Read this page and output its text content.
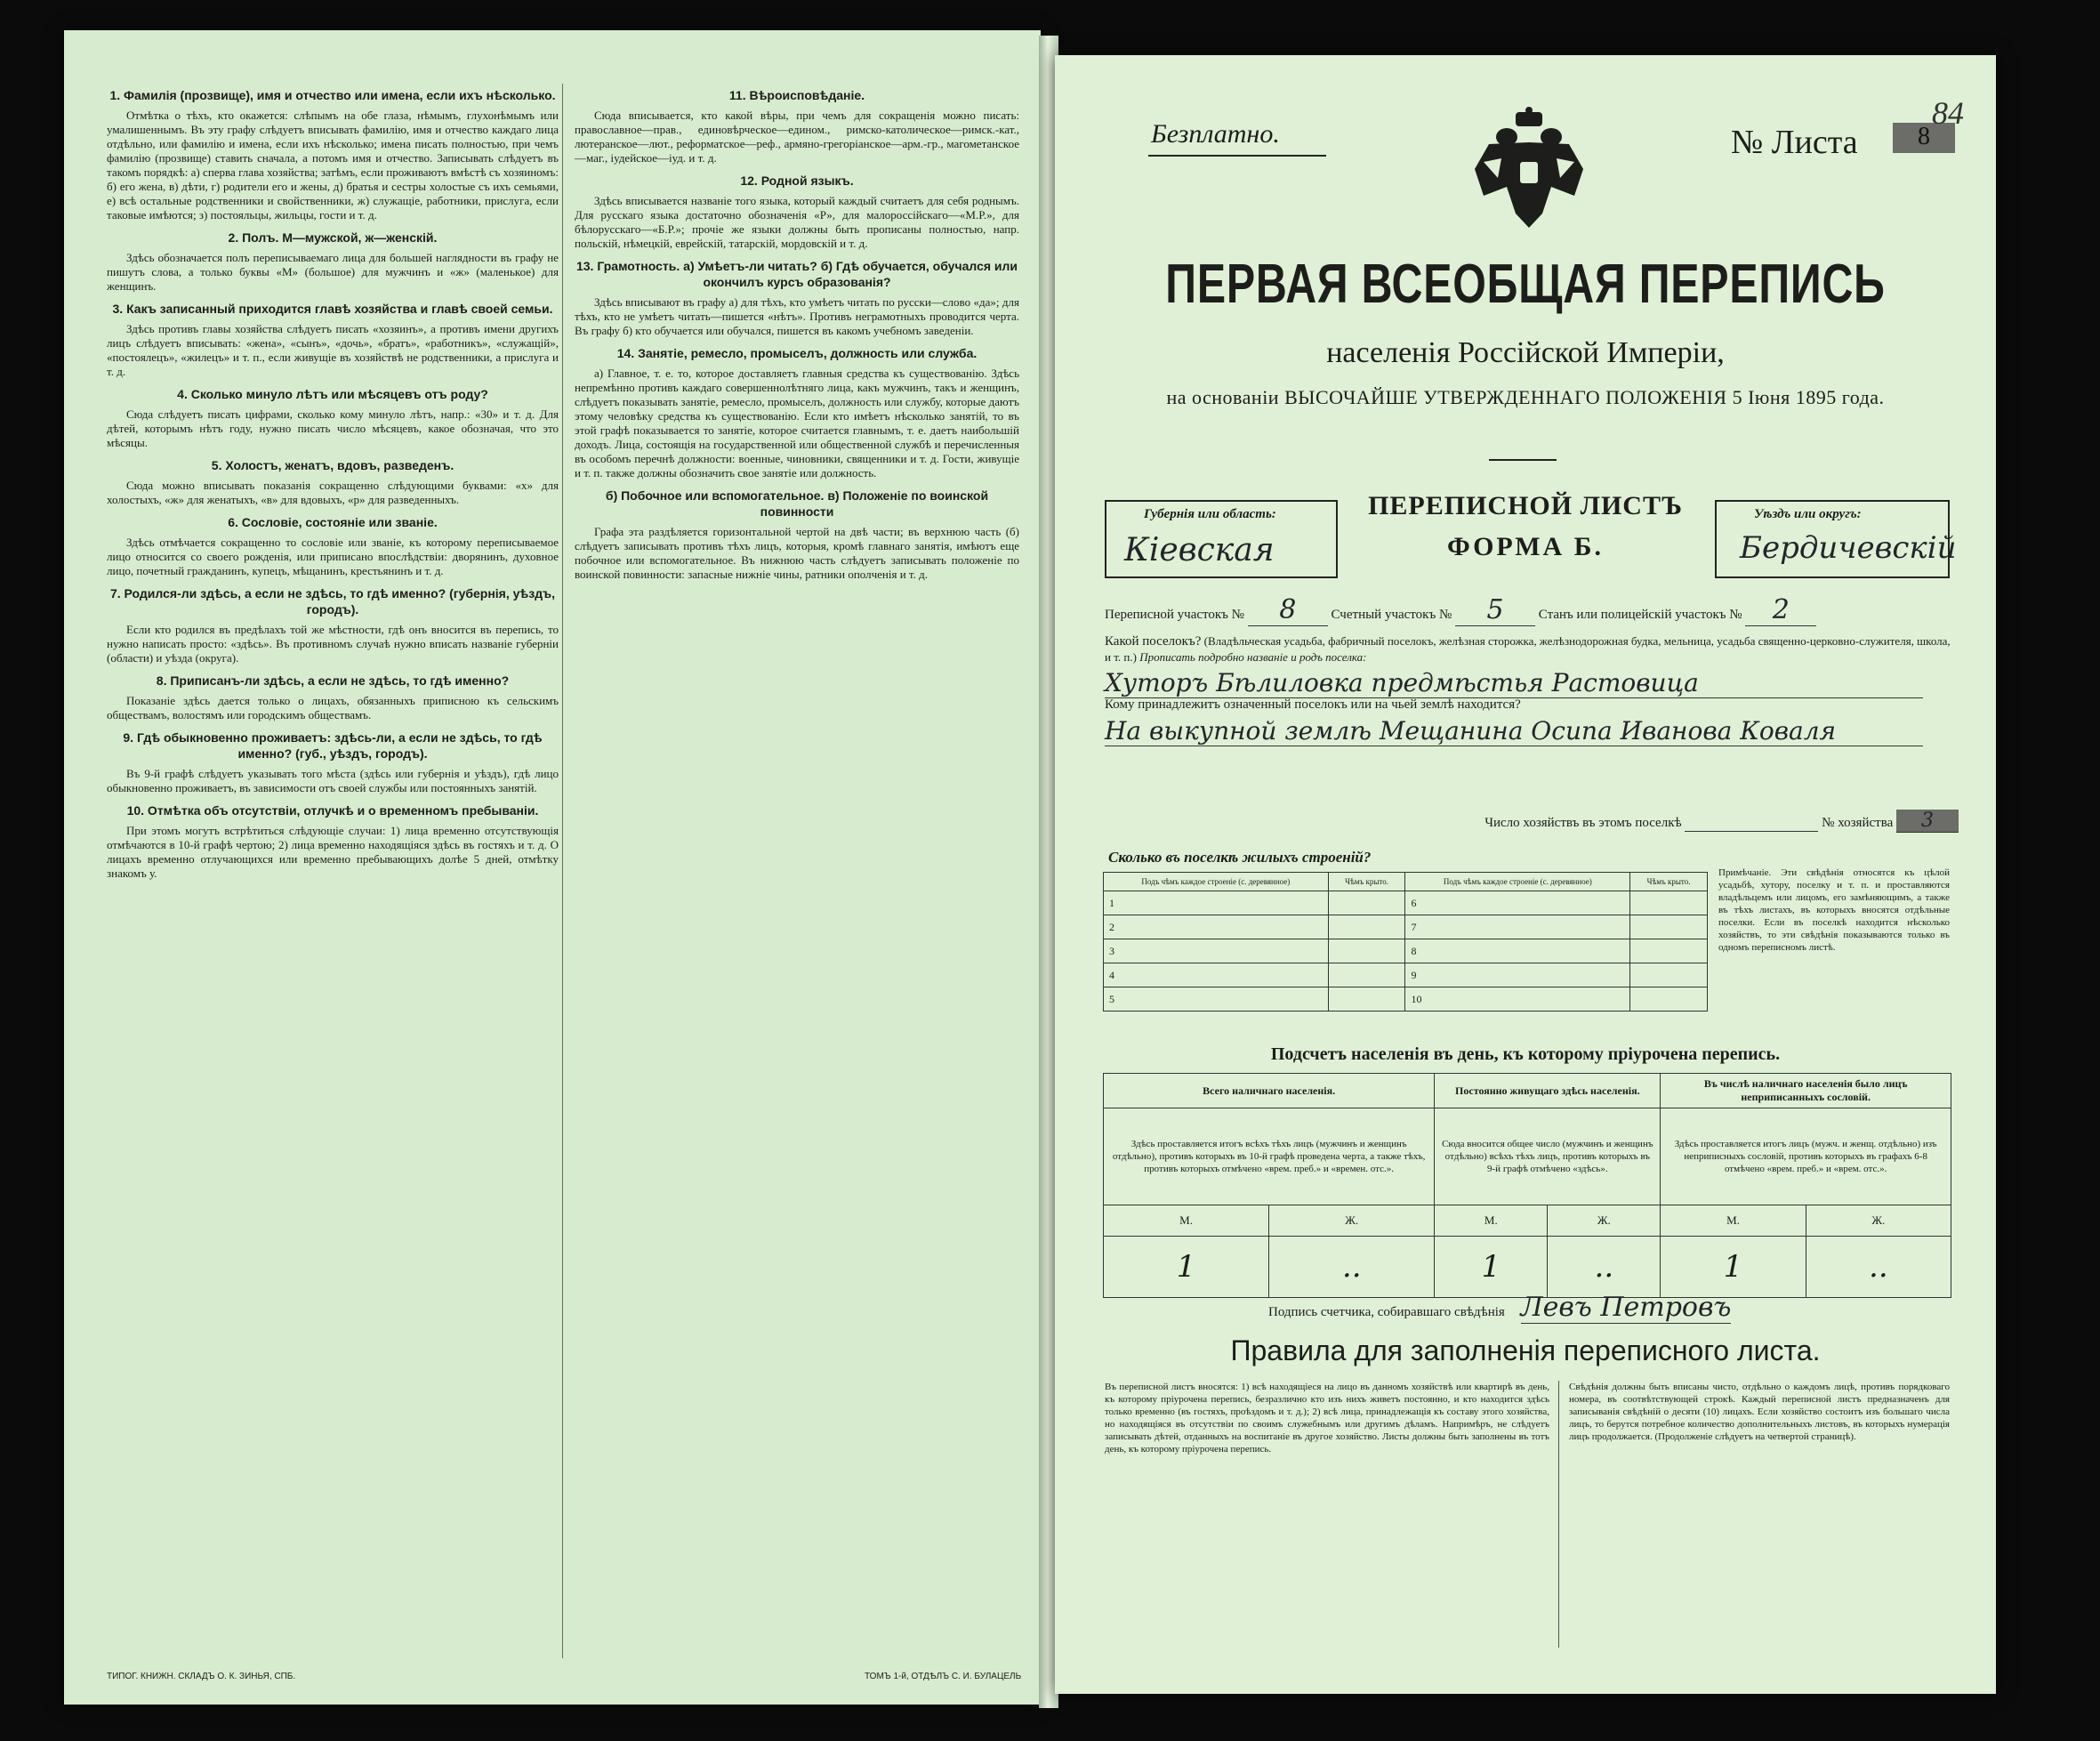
1. Фамилія (прозвище), имя и отчество или имена, если ихъ нѣсколько.

Отмѣтка о тѣхъ, кто окажется: слѣпымъ на обе глаза, нѣмымъ, глухонѣмымъ или умалишеннымъ. Въ эту графу слѣдуетъ вписывать фамилію, имя и отчество каждаго лица отдѣльно, или фамилію и имена, если ихъ нѣсколько; имена писать полностью, при чемъ фамилію (прозвище) ставить сначала, а потомъ имя и отчество. Записывать слѣдуетъ въ такомъ порядкѣ: а) сперва глава хозяйства; затѣмъ, если проживаютъ вмѣстѣ съ хозяиномъ: б) его жена, в) дѣти, г) родители его и жены, д) братья и сестры холостые съ ихъ семьями, е) всѣ остальные родственники и свойственники, ж) служащіе, работники, прислуга, если таковые имѣются; з) постояльцы, жильцы, гости и т. д.

2. Полъ. М—мужской, ж—женскій.

Здѣсь обозначается полъ переписываемаго лица для большей наглядности въ графу не пишутъ слова, а только буквы «М» (большое) для мужчинъ и «ж» (маленькое) для женщинъ.

3. Какъ записанный приходится главѣ хозяйства и главѣ своей семьи.

Здѣсь противъ главы хозяйства слѣдуетъ писать «хозяинъ», а противъ имени другихъ лицъ слѣдуетъ вписывать: «жена», «сынъ», «дочь», «братъ», «работникъ», «служащій», «постоялецъ», «жилецъ» и т. п., если живущіе въ хозяйствѣ не родственники, а прислуга и т. д.

4. Сколько минуло лѣтъ или мѣсяцевъ отъ роду?

Сюда слѣдуетъ писать цифрами, сколько кому минуло лѣтъ, напр.: «30» и т. д. Для дѣтей, которымъ нѣтъ году, нужно писать число мѣсяцевъ, какое обозначая, что это мѣсяцы.

5. Холостъ, женатъ, вдовъ, разведенъ.

Сюда можно вписывать показанія сокращенно слѣдующими буквами: «х» для холостыхъ, «ж» для женатыхъ, «в» для вдовыхъ, «р» для разведенныхъ.

6. Сословіе, состояніе или званіе.

Здѣсь отмѣчается сокращенно то сословіе или званіе, къ которому переписываемое лицо относится со своего рожденія, или приписано впослѣдствіи: дворянинъ, духовное лицо, почетный гражданинъ, купецъ, мѣщанинъ, крестьянинъ и т. д.

7. Родился-ли здѣсь, а если не здѣсь, то гдѣ именно? (губернія, уѣздъ, городъ).

Если кто родился въ предѣлахъ той же мѣстности, гдѣ онъ вносится въ перепись, то нужно написать просто: «здѣсь». Въ противномъ случаѣ нужно вписать названіе губерніи (области) и уѣзда (округа).

8. Приписанъ-ли здѣсь, а если не здѣсь, то гдѣ именно?

Показаніе здѣсь дается только о лицахъ, обязанныхъ приписною къ сельскимъ обществамъ, волостямъ или городскимъ обществамъ.

9. Гдѣ обыкновенно проживаетъ: здѣсь-ли, а если не здѣсь, то гдѣ именно? (губ., уѣздъ, городъ).

Въ 9-й графѣ слѣдуетъ указывать того мѣста (здѣсь или губернія и уѣздъ), гдѣ лицо обыкновенно проживаетъ, въ зависимости отъ своей службы или постоянныхъ занятій.

10. Отмѣтка объ отсутствіи, отлучкѣ и о временномъ пребываніи.

При этомъ могутъ встрѣтиться слѣдующіе случаи: 1) лица временно отсутствующія отмѣчаются в 10-й графѣ чертою; 2) лица временно находящіяся здѣсь въ гостяхъ и т. д. О лицахъ временно отлучающихся или временно пребывающихъ долѣе 5 дней, отмѣтку знакомъ у.

11. Вѣроисповѣданіе.

Сюда вписывается, кто какой вѣры, при чемъ для сокращенія можно писать: православное—прав., единовѣрческое—едином., римско-католическое—римск.-кат., лютеранское—лют., реформатское—реф., армяно-грегоріанское—арм.-гр., магометанское—маг., іудейское—іуд. и т. д.

12. Родной языкъ.

Здѣсь вписывается названіе того языка, который каждый считаетъ для себя роднымъ. Для русскаго языка достаточно обозначенія «Р», для малороссійскаго—«М.Р.», для бѣлорусскаго—«Б.Р.»; прочіе же языки должны быть прописаны полностью, напр. польскій, нѣмецкій, еврейскій, татарскій, мордовскій и т. д.

13. Грамотность. а) Умѣетъ-ли читать? б) Гдѣ обучается, обучался или окончилъ курсъ образованія?

Здѣсь вписывают въ графу а) для тѣхъ, кто умѣетъ читать по русски—слово «да»; для тѣхъ, кто не умѣетъ читать—пишется «нѣтъ». Противъ неграмотныхъ проводится черта. Въ графу б) кто обучается или обучался, пишется въ какомъ учебномъ заведеніи.

14. Занятіе, ремесло, промыселъ, должность или служба.

а) Главное, т. е. то, которое доставляетъ главныя средства къ существованію. Здѣсь непремѣнно противъ каждаго совершеннолѣтняго лица, какъ мужчинъ, такъ и женщинъ, слѣдуетъ показывать занятіе, ремесло, промыселъ, должность или службу, которые даютъ этому человѣку средства къ существованію. Если кто имѣетъ нѣсколько занятій, то въ этой графѣ показывается то занятіе, которое считается главнымъ, т. е. даетъ наибольшій доходъ. Лица, состоящія на государственной или общественной службѣ и перечисленныя въ особомъ перечнѣ должности: военные, чиновники, священники и т. д. Гости, живущіе и т. п. также должны обозначить свое занятіе или должность.

б) Побочное или вспомогательное. в) Положеніе по воинской повинности

Графа эта раздѣляется горизонтальной чертой на двѣ части; въ верхнюю часть (б) слѣдуетъ записывать противъ тѣхъ лицъ, которыя, кромѣ главнаго занятія, имѣютъ еще побочное или вспомогательное. Въ нижнюю часть слѣдуетъ записывать положеніе по воинской повинности: запасные нижніе чины, ратники ополченія и т. д.

ТИПОГ. КНИЖН. СКЛАДЪ О. К. ЗИНЬЯ, СПБ.	ТОМЪ 1-й, ОТДѢЛЪ С. И. БУЛАЦЕЛЬ
Безплатно.	№ Листа	8
84
ПЕРВАЯ ВСЕОБЩАЯ ПЕРЕПИСЬ
населенія Россійской Имперіи,
на основаніи ВЫСОЧАЙШЕ УТВЕРЖДЕННАГО ПОЛОЖЕНІЯ 5 Іюня 1895 года.
Губернія или область:
Кіевская
ПЕРЕПИСНОЙ ЛИСТЪ
ФОРМА Б.
Уѣздъ или округъ:
Бердичевскій
Переписной участокъ № 8	Счетный участокъ № 5	Станъ или полицейскій участокъ № 2
Какой поселокъ? (Владѣльческая усадьба, фабричный поселокъ, желѣзная сторожка, желѣзнодорожная будка, мельница, усадьба священно-церковно-служителя, школа, и т. п.) Прописать подробно названіе и родъ поселка:
Хуторъ Бѣлиловка предмѣстья Растовица
Кому принадлежитъ означенный поселокъ или на чьей землѣ находится? На выкупной землѣ Мещанина Осипа Иванова Коваля
Число хозяйствъ въ этомъ поселкѣ	№ хозяйства 3
Сколько въ поселкѣ жилыхъ строеній?
Подъ чѣмъ каждое строеніе (с. деревянное)	Чѣмъ крыто.	Подъ чѣмъ каждое строеніе (с. деревянное)	Чѣмъ крыто.
1		6	
2		7	
3		8	
4		9	
5		10	
Примѣчаніе. Эти свѣдѣнія относятся къ цѣлой усадьбѣ, хутору, поселку и т. п. и проставляются владѣльцемъ или лицомъ, его замѣняющимъ, а также въ тѣхъ листахъ, въ которыхъ вносятся отдѣльные поселки. Если въ поселкѣ находится нѣсколько хозяйствъ, то эти свѣдѣнія показываются только въ одномъ переписномъ листѣ.
Подсчетъ населенія въ день, къ которому пріурочена перепись.
Всего наличнаго населенія.		Постоянно живущаго здѣсь населенія.		Въ числѣ наличнаго населенія было лицъ неприписанныхъ сословій.	
Здѣсь проставляется итогъ всѣхъ тѣхъ лицъ (мужчинъ и женщинъ отдѣльно), противъ которыхъ въ 10-й графѣ проведена черта, а также тѣхъ, противъ которыхъ отмѣчено «врем. преб.» и «времен. отс.».		Сюда вносится общее число (мужчинъ и женщинъ отдѣльно) всѣхъ тѣхъ лицъ, противъ которыхъ въ 9-й графѣ отмѣчено «здѣсь».		Здѣсь проставляется итогъ лицъ (мужч. и женщ. отдѣльно) изъ неприписныхъ сословій, противъ которыхъ въ графахъ 6-8 отмѣчено «врем. преб.» и «врем. отс.».	
М.	Ж.	М.	Ж.	М.	Ж.
1	..	1	..	1	..
Подпись счетчика, собиравшаго свѣдѣнія Левъ Петровъ
Правила для заполненія переписного листа.
Въ переписной листъ вносятся: 1) всѣ находящіеся на лицо въ данномъ хозяйствѣ или квартирѣ въ день, къ которому пріурочена перепись, безразлично кто изъ нихъ живетъ постоянно, и кто находится здѣсь только временно (въ гостяхъ, проѣздомъ и т. д.); 2) всѣ лица, принадлежащія къ составу этого хозяйства, но находящіяся въ отсутствіи по своимъ служебнымъ или другимъ дѣламъ. Напримѣръ, не слѣдуетъ записывать дѣтей, отданныхъ на воспитаніе въ другое хозяйство. Листы должны быть заполнены въ тотъ день, къ которому пріурочена перепись.
Свѣдѣнія должны быть вписаны чисто, отдѣльно о каждомъ лицѣ, противъ порядковаго номера, въ соотвѣтствующей строкѣ. Каждый переписной листъ предназначенъ для записыванія свѣдѣній о десяти (10) лицахъ. Если хозяйство состоитъ изъ большаго числа лицъ, то берутся потребное количество дополнительныхъ листовъ, въ которыхъ нумерація лицъ продолжается. (Продолженіе слѣдуетъ на четвертой страницѣ).
